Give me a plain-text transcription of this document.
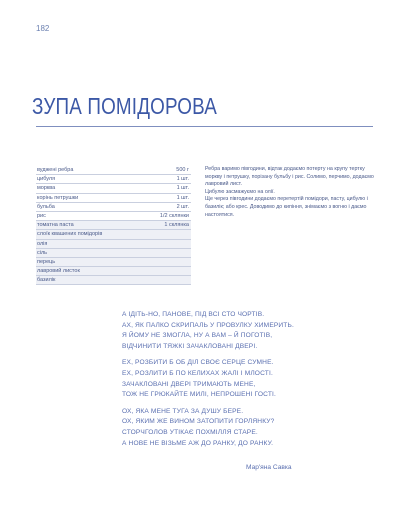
182
ЗУПА ПОМІДОРОВА
вуджені ребра	500 г
цибуля	1 шт.
морква	1 шт.
корінь петрушки	1 шт.
бульба	2 шт.
рис	1/2 склянки
томатна паста	1 склянка
слоїк квашених помідорів
олія
сіль
перець
лавровий листок
базилік

Ребра варимо півгодини, відтак додаємо потерту на крупу тертку моркву і петрушку, порізану бульбу і рис. Солимо, перчимо, додаємо лавровий лист.

Цибулю засмажуємо на олії.

Ще через півгодини додаємо перетертій помідори, пасту, цибулю і базилік; або крес. Доводимо до кипіння, знімаємо з вогню і даємо настоятися.

А ІДІТЬ-НО, ПАНОВЕ, ПІД ВСІ СТО ЧОРТІВ.
АХ, ЯК ПАЛКО СКРИПАЛЬ У ПРОВУЛКУ ХИМЕРИТЬ.
Я ЙОМУ НЕ ЗМОГЛА, НУ А ВАМ – Й ПОГОТІВ,
ВІДЧИНИТИ ТЯЖКІ ЗАЧАКЛОВАНІ ДВЕРІ.
ЕХ, РОЗБИТИ Б ОБ ДІЛ СВОЄ СЕРЦЕ СУМНЕ.
ЕХ, РОЗЛИТИ Б ПО КЕЛИХАХ ЖАЛІ І МЛОСТІ.
ЗАЧАКЛОВАНІ ДВЕРІ ТРИМАЮТЬ МЕНЕ,
ТОЖ НЕ ГРЮКАЙТЕ МИЛІ, НЕПРОШЕНІ ГОСТІ.
ОХ, ЯКА МЕНЕ ТУГА ЗА ДУШУ БЕРЕ.
ОХ, ЯКИМ ЖЕ ВИНОМ ЗАТОПИТИ ГОРЛЯНКУ?
СТОРЧГОЛОВ УТІКАЄ ПОХМІЛЛЯ СТАРЕ.
А НОВЕ НЕ ВІЗЬМЕ АЖ ДО РАНКУ, ДО РАНКУ.
Мар'яна Савка
